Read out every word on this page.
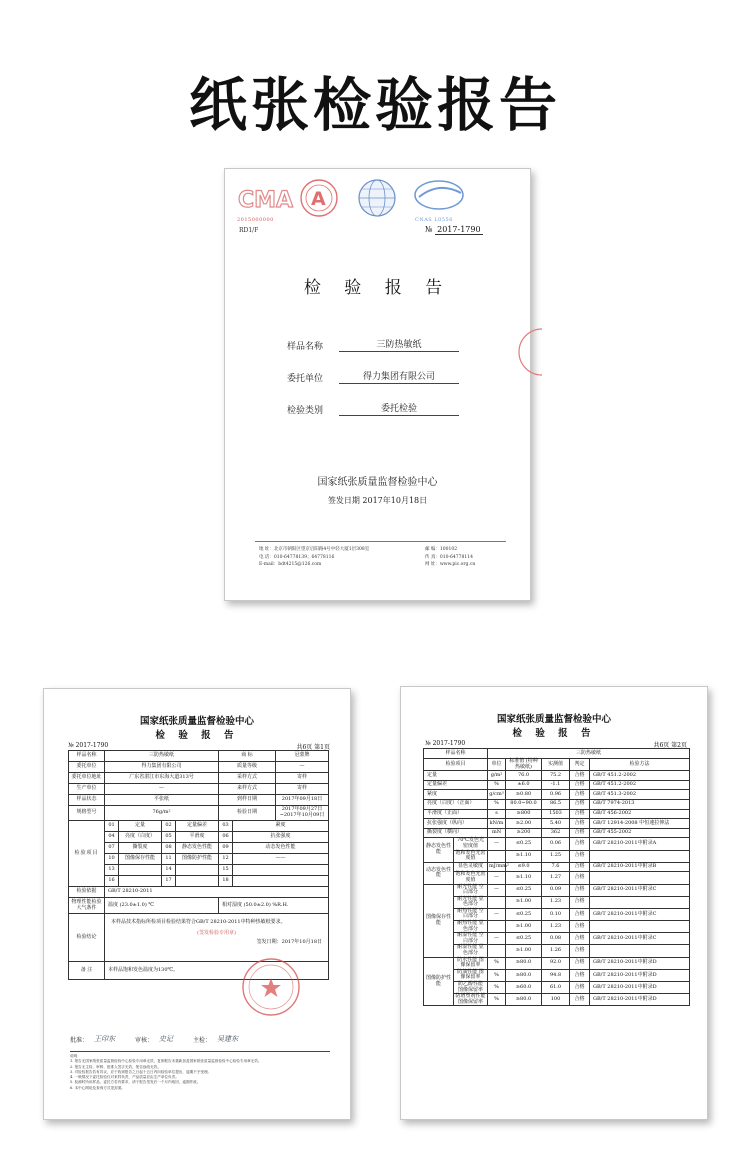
纸张检验报告
CMA
2015000000
A
CNAS L0556
RD1/F	№ 2017-1790
检 验 报 告
样品名称	三防热敏纸
委托单位	得力集团有限公司
检验类别	委托检验
国家纸张质量监督检验中心
签发日期 2017年10月18日
地 址：北京市朝阳区望京启阳路4号中轻大厦1层308室
电 话：010-64778139；64778116
E-mail：bdt4215@126.com
邮 编：100102
传 真：010-64778114
网 址：www.pic.org.cn
国家纸张质量监督检验中心
检 验 报 告
№ 2017-1790	共6页 第1页
样品名称	三防热敏纸				商 标		冠蒙牌
委托单位	得力集团有限公司				质量等级		—
委托单位地址	广东省湛江市东海大道313号				采样方式		寄样
生产单位	—				来样方式		寄样
样品状态	平张纸				到样日期		2017年09月18日
规格型号	76g/m²				检验日期		2017年09月27日 ~2017年10月09日
检验项目	01	定量	02	定量偏差	03	紧度	
	04	亮度（白度）	05	平滑度	06	抗张强度	
	07	撕裂度	08	静态发色性能	09	动态发色性能	
	10	图像保存性能	11	图像防护性能	12	——	
	13		14		15		
	16		17		18		
检验依据	GB/T 28210-2011						
物理性能检验大气条件	温度 (23.0±1.0) ℃				相对湿度 (50.0±2.0) %R.H.		
检验结论	本样品技术指标所检项目检验结果符合GB/T 28210-2011中特种热敏纸要求。
(签发检验专用章)
签发日期：2017年10月18日						

备 注	本样品饱和发色温度为130℃。						
批准： 王印东	审核： 史记	主检： 吴建东
说明：
1. 报告无国家纸张质量监督检验中心检验专用章无效，复制报告未重新加盖国家纸张质量监督检验中心检验专用章无效。
2. 报告无主检、审核、批准人签字无效，报告涂改无效。
3. 对检验报告若有异议，应于收到报告之日起十五日内向检验单位提出，逾期不予受理。
4. 一般情况下委托检验仅对来样负责，产品质量应由生产单位负责。
5. 检测时所用样品，委托方若有要求，请于报告签发后一个月内取回，逾期作废。
6. 本中心网址及查询方式见封面。
国家纸张质量监督检验中心
检 验 报 告
№ 2017-1790	共6页 第2页
样品名称		三防热敏纸				
检验项目		单位	标准值 (特种热敏纸)	实测值	判定	检验方法
定量		g/m²	76.0	75.2	合格	GB/T 451.2-2002
定量偏差		%	±6.0	-1.1	合格	GB/T 451.2-2002
紧度		g/cm³	≥0.80	0.96	合格	GB/T 451.3-2002
亮度（白度）（正面）		%	80.0~90.0	86.5	合格	GB/T 7974-2013
平滑度（正面）		s	≥800	1503	合格	GB/T 456-2002
抗张强度（纵向）		kN/m	≥2.00	5.40	合格	GB/T 12914-2008 中恒速拉伸法
撕裂度（横向）		mN	≥200	362	合格	GB/T 455-2002
静态发色性能	70℃发色光密度值	—	≤0.25	0.06	合格	GB/T 28210-2011中附录A
	饱和发色光密度值		≥1.10	1.25	合格	
动态发色性能	显色灵敏度	mJ/mm²	≤9.0	7.6	合格	GB/T 28210-2011中附录B
	饱和发色光密度值	—	≥1.10	1.27	合格	
图像保存性能	耐光性能 空白部分	—	≤0.25	0.09	合格	GB/T 28210-2011中附录C
	耐光性能 显色部分		≥1.00	1.23	合格	
	耐热性能 空白部分	—	≤0.25	0.10	合格	GB/T 28210-2011中附录C
	耐热性能 显色部分		≥1.00	1.23	合格	
	耐湿性能 空白部分	—	≤0.25	0.08	合格	GB/T 28210-2011中附录C
	耐湿性能 显色部分		≥1.00	1.26	合格	
图像防护性能	防水性能 图像保留率	%	≥80.0	92.0	合格	GB/T 28210-2011中附录D
	防油性能 图像保留率	%	≥80.0	94.8	合格	GB/T 28210-2011中附录D
	防乙醇性能 图像保留率	%	≥60.0	61.0	合格	GB/T 28210-2011中附录D
	防增塑剂性能 图像保留率	%	≥80.0	100	合格	GB/T 28210-2011中附录D
